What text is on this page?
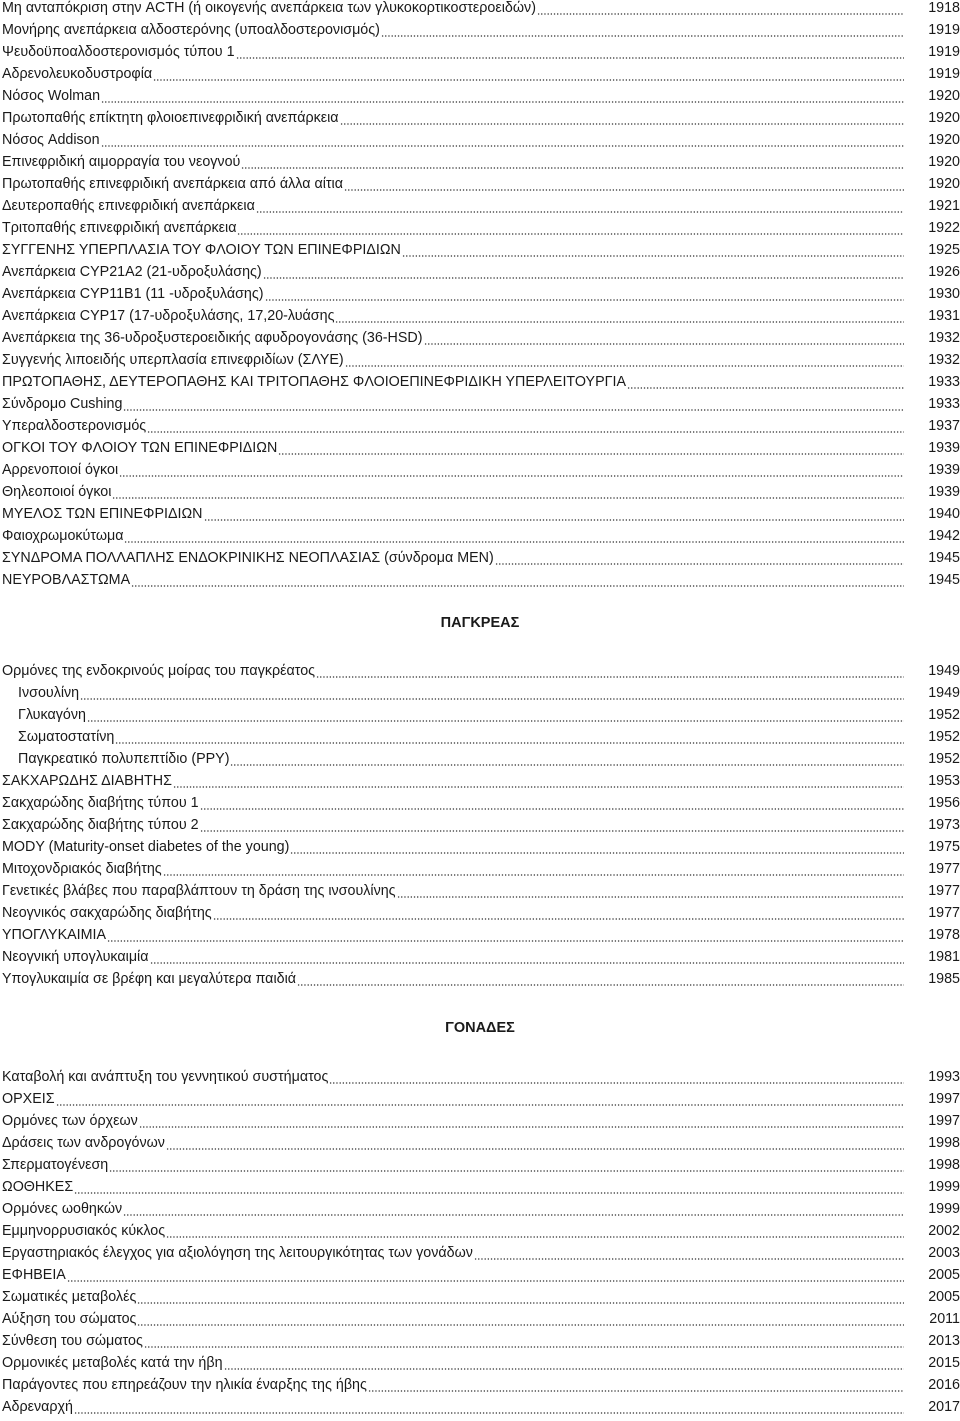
Μη ανταπόκριση στην ACTH (ή οικογενής ανεπάρκεια των γλυκοκορτικοστεροειδών)	1918
Μονήρης ανεπάρκεια αλδοστερόνης (υποαλδοστερονισμός)	1919
Ψευδοϋποαλδοστερονισμός τύπου 1	1919
Αδρενολευκοδυστροφία	1919
Νόσος Wolman	1920
Πρωτοπαθής επίκτητη φλοιοεπινεφριδική ανεπάρκεια	1920
Νόσος Addison	1920
Επινεφριδική αιμορραγία του νεογνού	1920
Πρωτοπαθής επινεφριδική ανεπάρκεια από άλλα αίτια	1920
Δευτεροπαθής επινεφριδική ανεπάρκεια	1921
Τριτοπαθής επινεφριδική ανεπάρκεια	1922
ΣΥΓΓΕΝΗΣ ΥΠΕΡΠΛΑΣΙΑ ΤΟΥ ΦΛΟΙΟΥ ΤΩΝ ΕΠΙΝΕΦΡΙΔΙΩΝ	1925
Ανεπάρκεια CYP21A2 (21-υδροξυλάσης)	1926
Ανεπάρκεια CYP11B1 (11 -υδροξυλάσης)	1930
Ανεπάρκεια CYP17 (17-υδροξυλάσης, 17,20-λυάσης	1931
Ανεπάρκεια της 36-υδροξυστεροειδικής αφυδρογονάσης (36-HSD)	1932
Συγγενής λιποειδής υπερπλασία επινεφριδίων (ΣΛΥΕ)	1932
ΠΡΩΤΟΠΑΘΗΣ, ΔΕΥΤΕΡΟΠΑΘΗΣ ΚΑΙ ΤΡΙΤΟΠΑΘΗΣ ΦΛΟΙΟΕΠΙΝΕΦΡΙΔΙΚΗ ΥΠΕΡΛΕΙΤΟΥΡΓΙΑ	1933
Σύνδρομο Cushing	1933
Υπεραλδοστερονισμός	1937
ΟΓΚΟΙ ΤΟΥ ΦΛΟΙΟΥ ΤΩΝ ΕΠΙΝΕΦΡΙΔΙΩΝ	1939
Αρρενοποιοί όγκοι	1939
Θηλεοποιοί όγκοι	1939
ΜΥΕΛΟΣ ΤΩΝ ΕΠΙΝΕΦΡΙΔΙΩΝ	1940
Φαιοχρωμοκύτωμα	1942
ΣΥΝΔΡΟΜΑ ΠΟΛΛΑΠΛΗΣ ΕΝΔΟΚΡΙΝΙΚΗΣ ΝΕΟΠΛΑΣΙΑΣ (σύνδρομα ΜΕΝ)	1945
ΝΕΥΡΟΒΛΑΣΤΩΜΑ	1945
ΠΑΓΚΡΕΑΣ
Ορμόνες της ενδοκρινούς μοίρας του παγκρέατος	1949
Ινσουλίνη	1949
Γλυκαγόνη	1952
Σωματοστατίνη	1952
Παγκρεατικό πολυπεπτίδιο (PPY)	1952
ΣΑΚΧΑΡΩΔΗΣ ΔΙΑΒΗΤΗΣ	1953
Σακχαρώδης διαβήτης τύπου 1	1956
Σακχαρώδης διαβήτης τύπου 2	1973
MODY (Maturity-onset diabetes of the young)	1975
Μιτοχονδριακός διαβήτης	1977
Γενετικές βλάβες που παραβλάπτουν τη δράση της ινσουλίνης	1977
Νεογνικός σακχαρώδης διαβήτης	1977
ΥΠΟΓΛΥΚΑΙΜΙΑ	1978
Νεογνική υπογλυκαιμία	1981
Υπογλυκαιμία σε βρέφη και μεγαλύτερα παιδιά	1985
ΓΟΝΑΔΕΣ
Καταβολή και ανάπτυξη του γεννητικού συστήματος	1993
ΟΡΧΕΙΣ	1997
Ορμόνες των όρχεων	1997
Δράσεις των ανδρογόνων	1998
Σπερματογένεση	1998
ΩΟΘΗΚΕΣ	1999
Ορμόνες ωοθηκών	1999
Εμμηνορρυσιακός κύκλος	2002
Εργαστηριακός έλεγχος για αξιολόγηση της λειτουργικότητας των γονάδων	2003
ΕΦΗΒΕΙΑ	2005
Σωματικές μεταβολές	2005
Αύξηση του σώματος	2011
Σύνθεση του σώματος	2013
Ορμονικές μεταβολές κατά την ήβη	2015
Παράγοντες που επηρεάζουν την ηλικία έναρξης της ήβης	2016
Αδρεναρχή	2017
